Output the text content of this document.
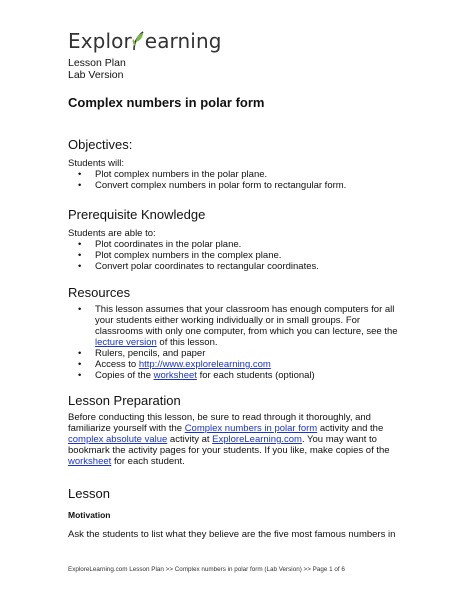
Explor earning
Lesson Plan
Lab Version
Complex numbers in polar form
Objectives:
Students will:
• Plot complex numbers in the polar plane.
• Convert complex numbers in polar form to rectangular form.
Prerequisite Knowledge
Students are able to:
• Plot coordinates in the polar plane.
• Plot complex numbers in the complex plane.
• Convert polar coordinates to rectangular coordinates.
Resources
• This lesson assumes that your classroom has enough computers for all
your students either working individually or in small groups. For
classrooms with only one computer, from which you can lecture, see the
lecture version of this lesson.
• Rulers, pencils, and paper
• Access to http://www.explorelearning.com
• Copies of the worksheet for each students (optional)
Lesson Preparation
Before conducting this lesson, be sure to read through it thoroughly, and
familiarize yourself with the Complex numbers in polar form activity and the
complex absolute value activity at ExploreLearning.com. You may want to
bookmark the activity pages for your students. If you like, make copies of the
worksheet for each student.
Lesson
Motivation
Ask the students to list what they believe are the five most famous numbers in
ExploreLearning.com Lesson Plan >> Complex numbers in polar form (Lab Version) >> Page 1 of 6
